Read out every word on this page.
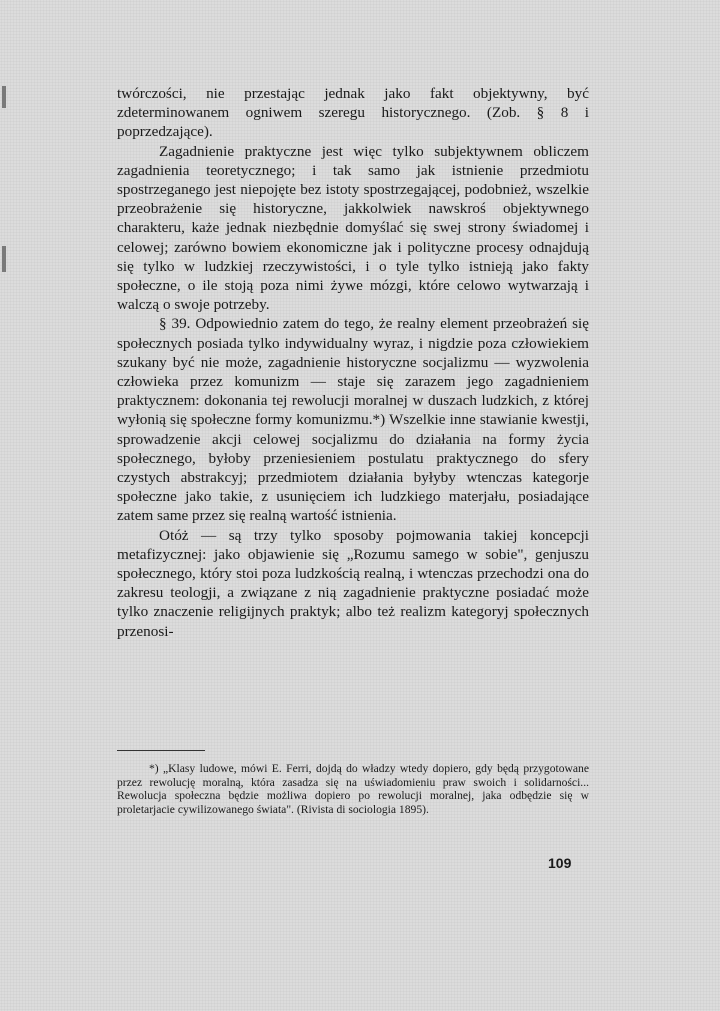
twórczości, nie przestając jednak jako fakt objektywny, być zdeterminowanem ogniwem szeregu historycznego. (Zob. § 8 i poprzedzające).

Zagadnienie praktyczne jest więc tylko subjektywnem obliczem zagadnienia teoretycznego; i tak samo jak istnienie przedmiotu spostrzeganego jest niepojęte bez istoty spostrzegającej, podobnież, wszelkie przeobrażenie się historyczne, jakkolwiek nawskroś objektywnego charakteru, każe jednak niezbędnie domyślać się swej strony świadomej i celowej; zarówno bowiem ekonomiczne jak i polityczne procesy odnajdują się tylko w ludzkiej rzeczywistości, i o tyle tylko istnieją jako fakty społeczne, o ile stoją poza nimi żywe mózgi, które celowo wytwarzają i walczą o swoje potrzeby.

§ 39. Odpowiednio zatem do tego, że realny element przeobrażeń się społecznych posiada tylko indywidualny wyraz, i nigdzie poza człowiekiem szukany być nie może, zagadnienie historyczne socjalizmu — wyzwolenia człowieka przez komunizm — staje się zarazem jego zagadnieniem praktycznem: dokonania tej rewolucji moralnej w duszach ludzkich, z której wyłonią się społeczne formy komunizmu.*) Wszelkie inne stawianie kwestji, sprowadzenie akcji celowej socjalizmu do działania na formy życia społecznego, byłoby przeniesieniem postulatu praktycznego do sfery czystych abstrakcyj; przedmiotem działania byłyby wtenczas kategorje społeczne jako takie, z usunięciem ich ludzkiego materjału, posiadające zatem same przez się realną wartość istnienia.

Otóż — są trzy tylko sposoby pojmowania takiej koncepcji metafizycznej: jako objawienie się „Rozumu samego w sobie", genjuszu społecznego, który stoi poza ludzkością realną, i wtenczas przechodzi ona do zakresu teologji, a związane z nią zagadnienie praktyczne posiadać może tylko znaczenie religijnych praktyk; albo też realizm kategoryj społecznych przenosi-

*) „Klasy ludowe, mówi E. Ferri, dojdą do władzy wtedy dopiero, gdy będą przygotowane przez rewolucję moralną, która zasadza się na uświadomieniu praw swoich i solidarności... Rewolucja społeczna będzie możliwa dopiero po rewolucji moralnej, jaka odbędzie się w proletarjacie cywilizowanego świata". (Rivista di sociologia 1895).
109
